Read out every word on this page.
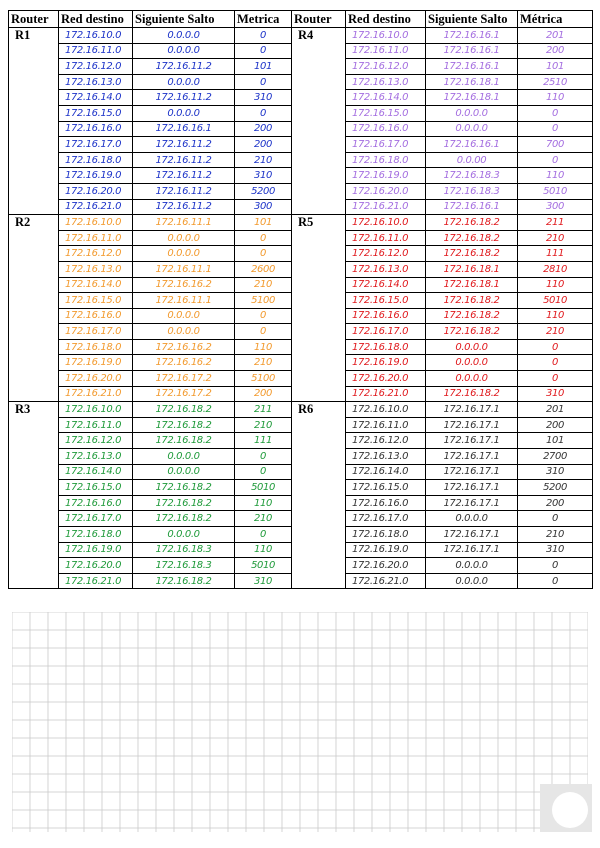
Router	Red destino	Siguiente Salto	Metrica	Router	Red destino	Siguiente Salto	Métrica
R1	172.16.10.0	0.0.0.0	0	R4	172.16.10.0	172.16.16.1	201
	172.16.11.0	0.0.0.0	0		172.16.11.0	172.16.16.1	200
	172.16.12.0	172.16.11.2	101		172.16.12.0	172.16.16.1	101
	172.16.13.0	0.0.0.0	0		172.16.13.0	172.16.18.1	2510
	172.16.14.0	172.16.11.2	310		172.16.14.0	172.16.18.1	110
	172.16.15.0	0.0.0.0	0		172.16.15.0	0.0.0.0	0
	172.16.16.0	172.16.16.1	200		172.16.16.0	0.0.0.0	0
	172.16.17.0	172.16.11.2	200		172.16.17.0	172.16.16.1	700
	172.16.18.0	172.16.11.2	210		172.16.18.0	0.0.00	0
	172.16.19.0	172.16.11.2	310		172.16.19.0	172.16.18.3	110
	172.16.20.0	172.16.11.2	5200		172.16.20.0	172.16.18.3	5010
	172.16.21.0	172.16.11.2	300		172.16.21.0	172.16.16.1	300
R2	172.16.10.0	172.16.11.1	101	R5	172.16.10.0	172.16.18.2	211
	172.16.11.0	0.0.0.0	0		172.16.11.0	172.16.18.2	210
	172.16.12.0	0.0.0.0	0		172.16.12.0	172.16.18.2	111
	172.16.13.0	172.16.11.1	2600		172.16.13.0	172.16.18.1	2810
	172.16.14.0	172.16.16.2	210		172.16.14.0	172.16.18.1	110
	172.16.15.0	172.16.11.1	5100		172.16.15.0	172.16.18.2	5010
	172.16.16.0	0.0.0.0	0		172.16.16.0	172.16.18.2	110
	172.16.17.0	0.0.0.0	0		172.16.17.0	172.16.18.2	210
	172.16.18.0	172.16.16.2	110		172.16.18.0	0.0.0.0	0
	172.16.19.0	172.16.16.2	210		172.16.19.0	0.0.0.0	0
	172.16.20.0	172.16.17.2	5100		172.16.20.0	0.0.0.0	0
	172.16.21.0	172.16.17.2	200		172.16.21.0	172.16.18.2	310
R3	172.16.10.0	172.16.18.2	211	R6	172.16.10.0	172.16.17.1	201
	172.16.11.0	172.16.18.2	210		172.16.11.0	172.16.17.1	200
	172.16.12.0	172.16.18.2	111		172.16.12.0	172.16.17.1	101
	172.16.13.0	0.0.0.0	0		172.16.13.0	172.16.17.1	2700
	172.16.14.0	0.0.0.0	0		172.16.14.0	172.16.17.1	310
	172.16.15.0	172.16.18.2	5010		172.16.15.0	172.16.17.1	5200
	172.16.16.0	172.16.18.2	110		172.16.16.0	172.16.17.1	200
	172.16.17.0	172.16.18.2	210		172.16.17.0	0.0.0.0	0
	172.16.18.0	0.0.0.0	0		172.16.18.0	172.16.17.1	210
	172.16.19.0	172.16.18.3	110		172.16.19.0	172.16.17.1	310
	172.16.20.0	172.16.18.3	5010		172.16.20.0	0.0.0.0	0
	172.16.21.0	172.16.18.2	310		172.16.21.0	0.0.0.0	0
